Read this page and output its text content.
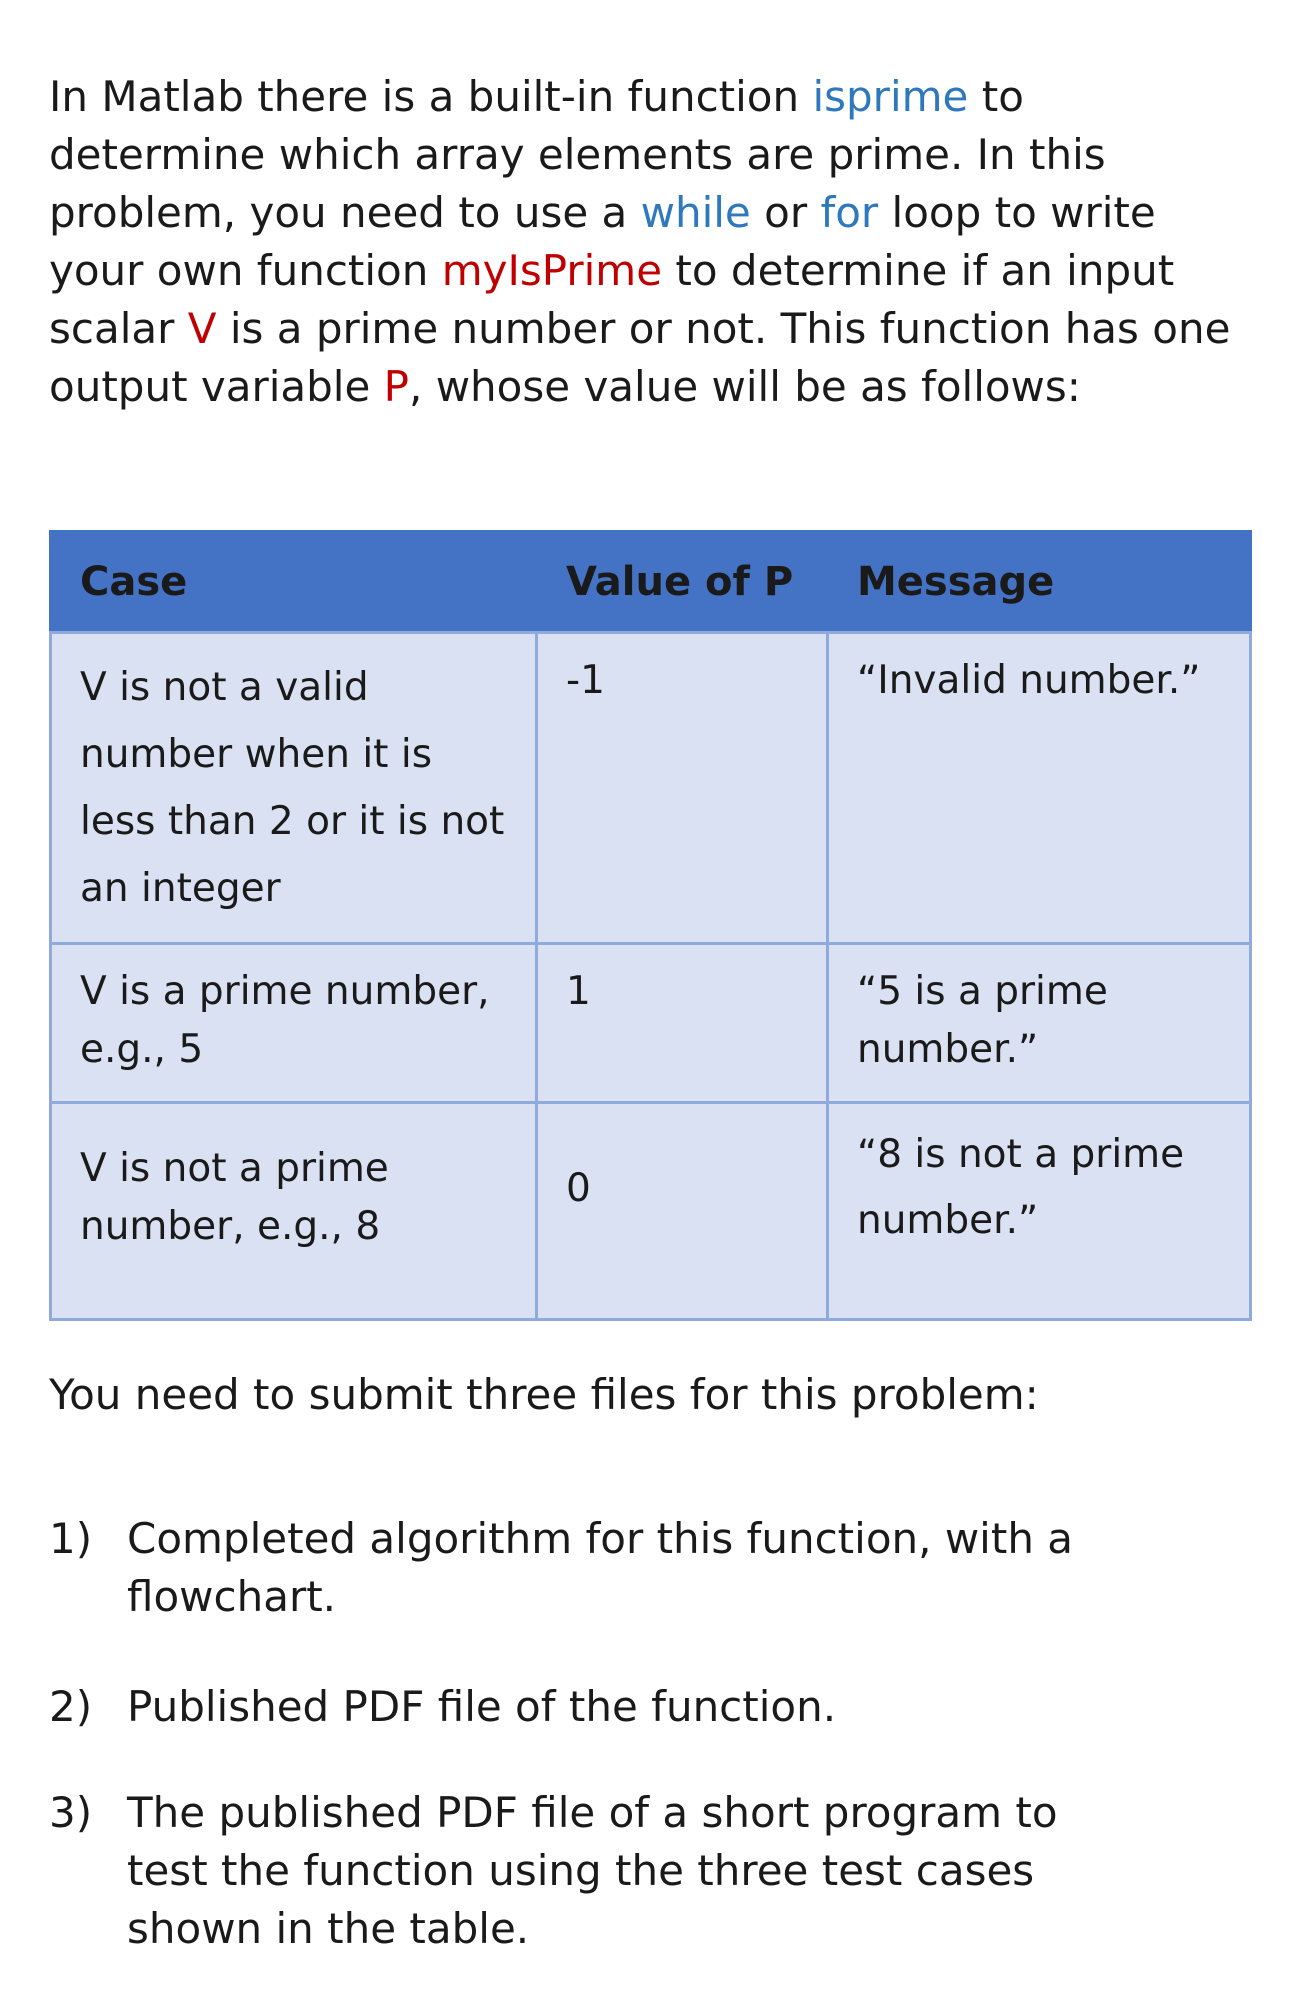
In Matlab there is a built-in function isprime to determine which array elements are prime. In this problem, you need to use a while or for loop to write your own function myIsPrime to determine if an input scalar V is a prime number or not. This function has one output variable P, whose value will be as follows:

Case	Value of P	Message
V is not a valid number when it is less than 2 or it is not an integer	-1	“Invalid number.”
V is a prime number, e.g., 5	1	“5 is a prime number.”
V is not a prime number, e.g., 8	0	“8 is not a prime number.”

You need to submit three files for this problem:

1) Completed algorithm for this function, with a flowchart.
2) Published PDF file of the function.
3) The published PDF file of a short program to test the function using the three test cases shown in the table.
